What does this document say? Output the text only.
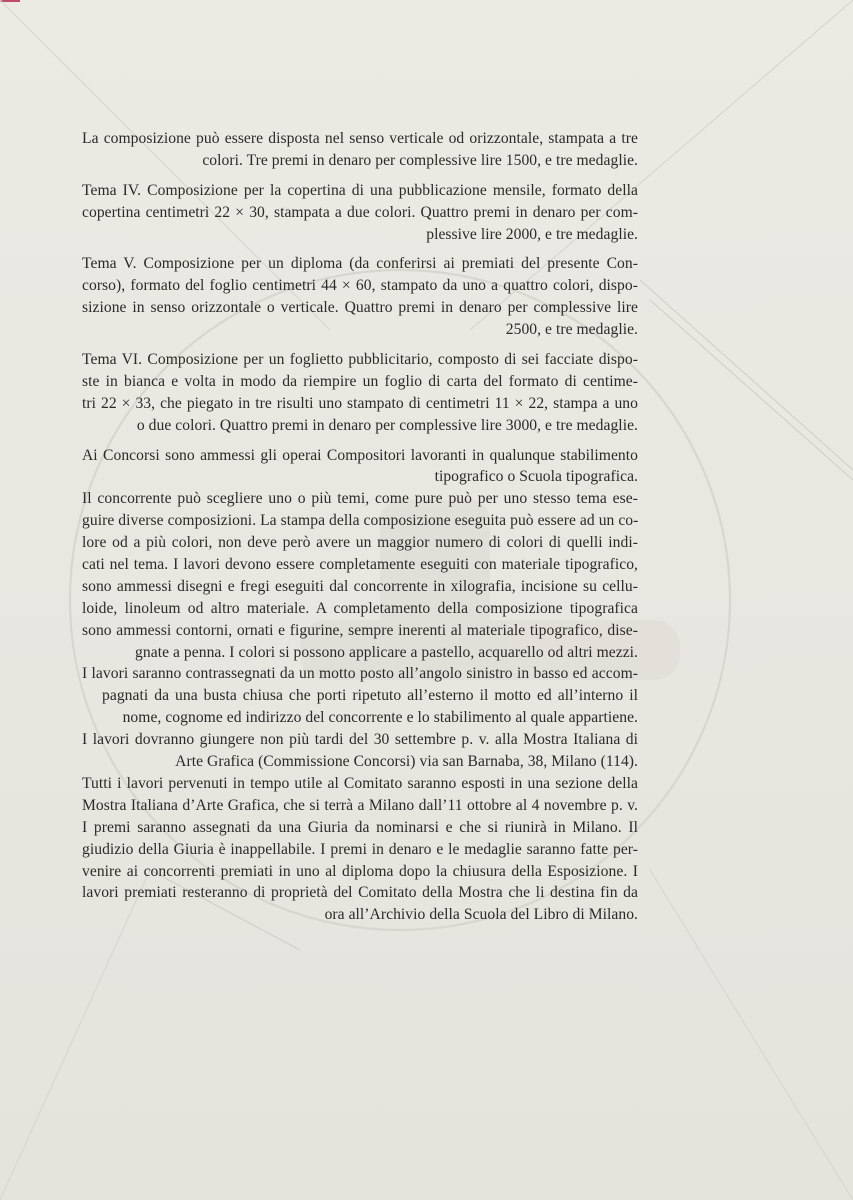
La composizione può essere disposta nel senso verticale od orizzontale, stampata a tre
colori. Tre premi in denaro per complessive lire 1500, e tre medaglie.
Tema IV. Composizione per la copertina di una pubblicazione mensile, formato della
copertina centimetri 22 × 30, stampata a due colori. Quattro premi in denaro per com-
plessive lire 2000, e tre medaglie.
Tema V. Composizione per un diploma (da conferirsi ai premiati del presente Con-
corso), formato del foglio centimetri 44 × 60, stampato da uno a quattro colori, dispo-
sizione in senso orizzontale o verticale. Quattro premi in denaro per complessive lire
2500, e tre medaglie.
Tema VI. Composizione per un foglietto pubblicitario, composto di sei facciate dispo-
ste in bianca e volta in modo da riempire un foglio di carta del formato di centime-
tri 22 × 33, che piegato in tre risulti uno stampato di centimetri 11 × 22, stampa a uno
o due colori. Quattro premi in denaro per complessive lire 3000, e tre medaglie.
Ai Concorsi sono ammessi gli operai Compositori lavoranti in qualunque stabilimento
tipografico o Scuola tipografica.
Il concorrente può scegliere uno o più temi, come pure può per uno stesso tema ese-
guire diverse composizioni. La stampa della composizione eseguita può essere ad un co-
lore od a più colori, non deve però avere un maggior numero di colori di quelli indi-
cati nel tema. I lavori devono essere completamente eseguiti con materiale tipografico,
sono ammessi disegni e fregi eseguiti dal concorrente in xilografia, incisione su cellu-
loide, linoleum od altro materiale. A completamento della composizione tipografica
sono ammessi contorni, ornati e figurine, sempre inerenti al materiale tipografico, dise-
gnate a penna. I colori si possono applicare a pastello, acquarello od altri mezzi.
I lavori saranno contrassegnati da un motto posto all’angolo sinistro in basso ed accom-
pagnati da una busta chiusa che porti ripetuto all’esterno il motto ed all’interno il
nome, cognome ed indirizzo del concorrente e lo stabilimento al quale appartiene.
I lavori dovranno giungere non più tardi del 30 settembre p. v. alla Mostra Italiana di
Arte Grafica (Commissione Concorsi) via san Barnaba, 38, Milano (114).
Tutti i lavori pervenuti in tempo utile al Comitato saranno esposti in una sezione della
Mostra Italiana d’Arte Grafica, che si terrà a Milano dall’11 ottobre al 4 novembre p. v.
I premi saranno assegnati da una Giuria da nominarsi e che si riunirà in Milano. Il
giudizio della Giuria è inappellabile. I premi in denaro e le medaglie saranno fatte per-
venire ai concorrenti premiati in uno al diploma dopo la chiusura della Esposizione. I
lavori premiati resteranno di proprietà del Comitato della Mostra che li destina fin da
ora all’Archivio della Scuola del Libro di Milano.
